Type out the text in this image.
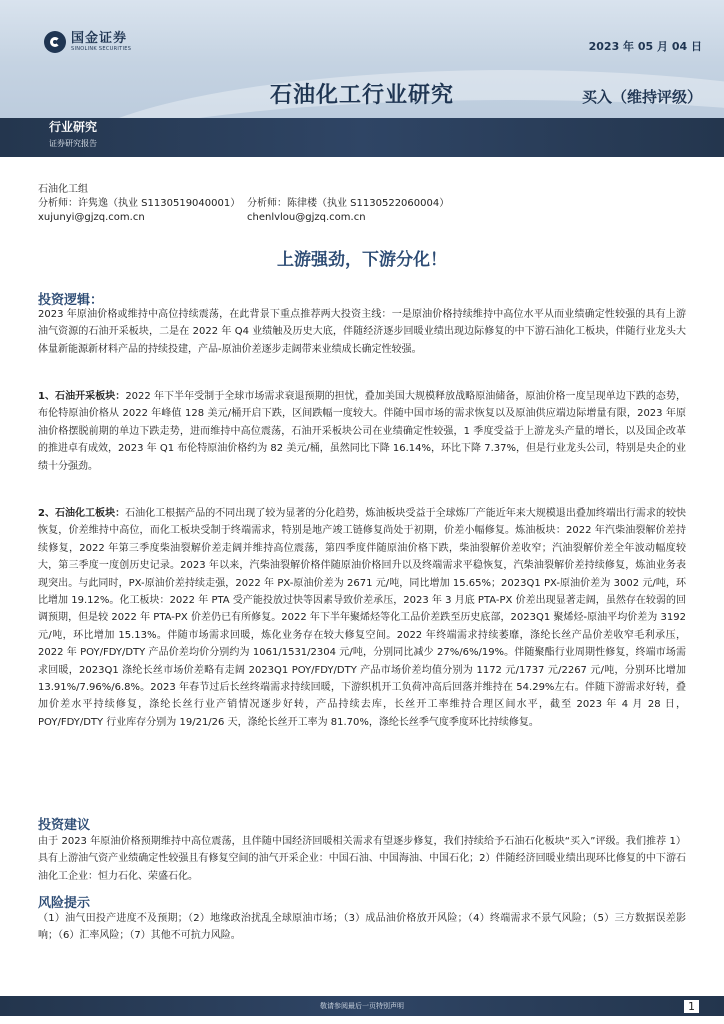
国金证券
SINOLINK SECURITIES	2023 年 05 月 04 日
石油化工行业研究	买入（维持评级）
行业研究
证券研究报告
石油化工组
分析师：许隽逸（执业 S1130519040001） 分析师：陈律楼（执业 S1130522060004）
xujunyi@gjzq.com.cn	chenlvlou@gjzq.com.cn
上游强劲，下游分化！
投资逻辑：
2023 年原油价格或维持中高位持续震荡，在此背景下重点推荐两大投资主线：一是原油价格持续维持中高位水平从而业绩确定性较强的具有上游油气资源的石油开采板块，二是在 2022 年 Q4 业绩触及历史大底，伴随经济逐步回暖业绩出现边际修复的中下游石油化工板块，伴随行业龙头大体量新能源新材料产品的持续投建，产品-原油价差逐步走阔带来业绩成长确定性较强。
1、石油开采板块：2022 年下半年受制于全球市场需求衰退预期的担忧，叠加美国大规模释放战略原油储备，原油价格一度呈现单边下跌的态势，布伦特原油价格从 2022 年峰值 128 美元/桶开启下跌，区间跌幅一度较大。伴随中国市场的需求恢复以及原油供应端边际增量有限，2023 年原油价格摆脱前期的单边下跌走势，进而维持中高位震荡，石油开采板块公司在业绩确定性较强，1 季度受益于上游龙头产量的增长，以及国企改革的推进卓有成效，2023 年 Q1 布伦特原油价格约为 82 美元/桶，虽然同比下降 16.14%，环比下降 7.37%，但是行业龙头公司，特别是央企的业绩十分强劲。
2、石油化工板块：石油化工根据产品的不同出现了较为显著的分化趋势，炼油板块受益于全球炼厂产能近年来大规模退出叠加终端出行需求的较快恢复，价差维持中高位，而化工板块受制于终端需求，特别是地产竣工链修复尚处于初期，价差小幅修复。炼油板块：2022 年汽柴油裂解价差持续修复，2022 年第三季度柴油裂解价差走阔并维持高位震荡，第四季度伴随原油价格下跌，柴油裂解价差收窄；汽油裂解价差全年波动幅度较大，第三季度一度创历史记录。2023 年以来，汽柴油裂解价格伴随原油价格回升以及终端需求平稳恢复，汽柴油裂解价差持续修复，炼油业务表现突出。与此同时，PX-原油价差持续走强，2022 年 PX-原油价差为 2671 元/吨，同比增加 15.65%；2023Q1 PX-原油价差为 3002 元/吨，环比增加 19.12%。化工板块：2022 年 PTA 受产能投放过快等因素导致价差承压，2023 年 3 月底 PTA-PX 价差出现显著走阔，虽然存在较弱的回调预期，但是较 2022 年 PTA-PX 价差仍已有所修复。2022 年下半年聚烯烃等化工品价差跌至历史底部，2023Q1 聚烯烃-原油平均价差为 3192 元/吨，环比增加 15.13%。伴随市场需求回暖，炼化业务存在较大修复空间。2022 年终端需求持续萎靡，涤纶长丝产品价差收窄毛利承压，2022 年 POY/FDY/DTY 产品价差均价分别约为 1061/1531/2304 元/吨，分别同比减少 27%/6%/19%。伴随聚酯行业周期性修复，终端市场需求回暖，2023Q1 涤纶长丝市场价差略有走阔 2023Q1 POY/FDY/DTY 产品市场价差均值分别为 1172 元/1737 元/2267 元/吨，分别环比增加 13.91%/7.96%/6.8%。2023 年春节过后长丝终端需求持续回暖，下游织机开工负荷冲高后回落并维持在 54.29%左右。伴随下游需求好转，叠加价差水平持续修复，涤纶长丝行业产销情况逐步好转，产品持续去库，长丝开工率维持合理区间水平，截至 2023 年 4 月 28 日，POY/FDY/DTY 行业库存分别为 19/21/26 天，涤纶长丝开工率为 81.70%，涤纶长丝季气度季度环比持续修复。
投资建议
由于 2023 年原油价格预期维持中高位震荡，且伴随中国经济回暖相关需求有望逐步修复，我们持续给予石油石化板块“买入”评级。我们推荐 1）具有上游油气资产业绩确定性较强且有修复空间的油气开采企业：中国石油、中国海油、中国石化；2）伴随经济回暖业绩出现环比修复的中下游石油化工企业：恒力石化、荣盛石化。
风险提示
（1）油气田投产进度不及预期；（2）地缘政治扰乱全球原油市场；（3）成品油价格放开风险；（4）终端需求不景气风险；（5）三方数据误差影响；（6）汇率风险；（7）其他不可抗力风险。
敬请参阅最后一页特别声明	1
